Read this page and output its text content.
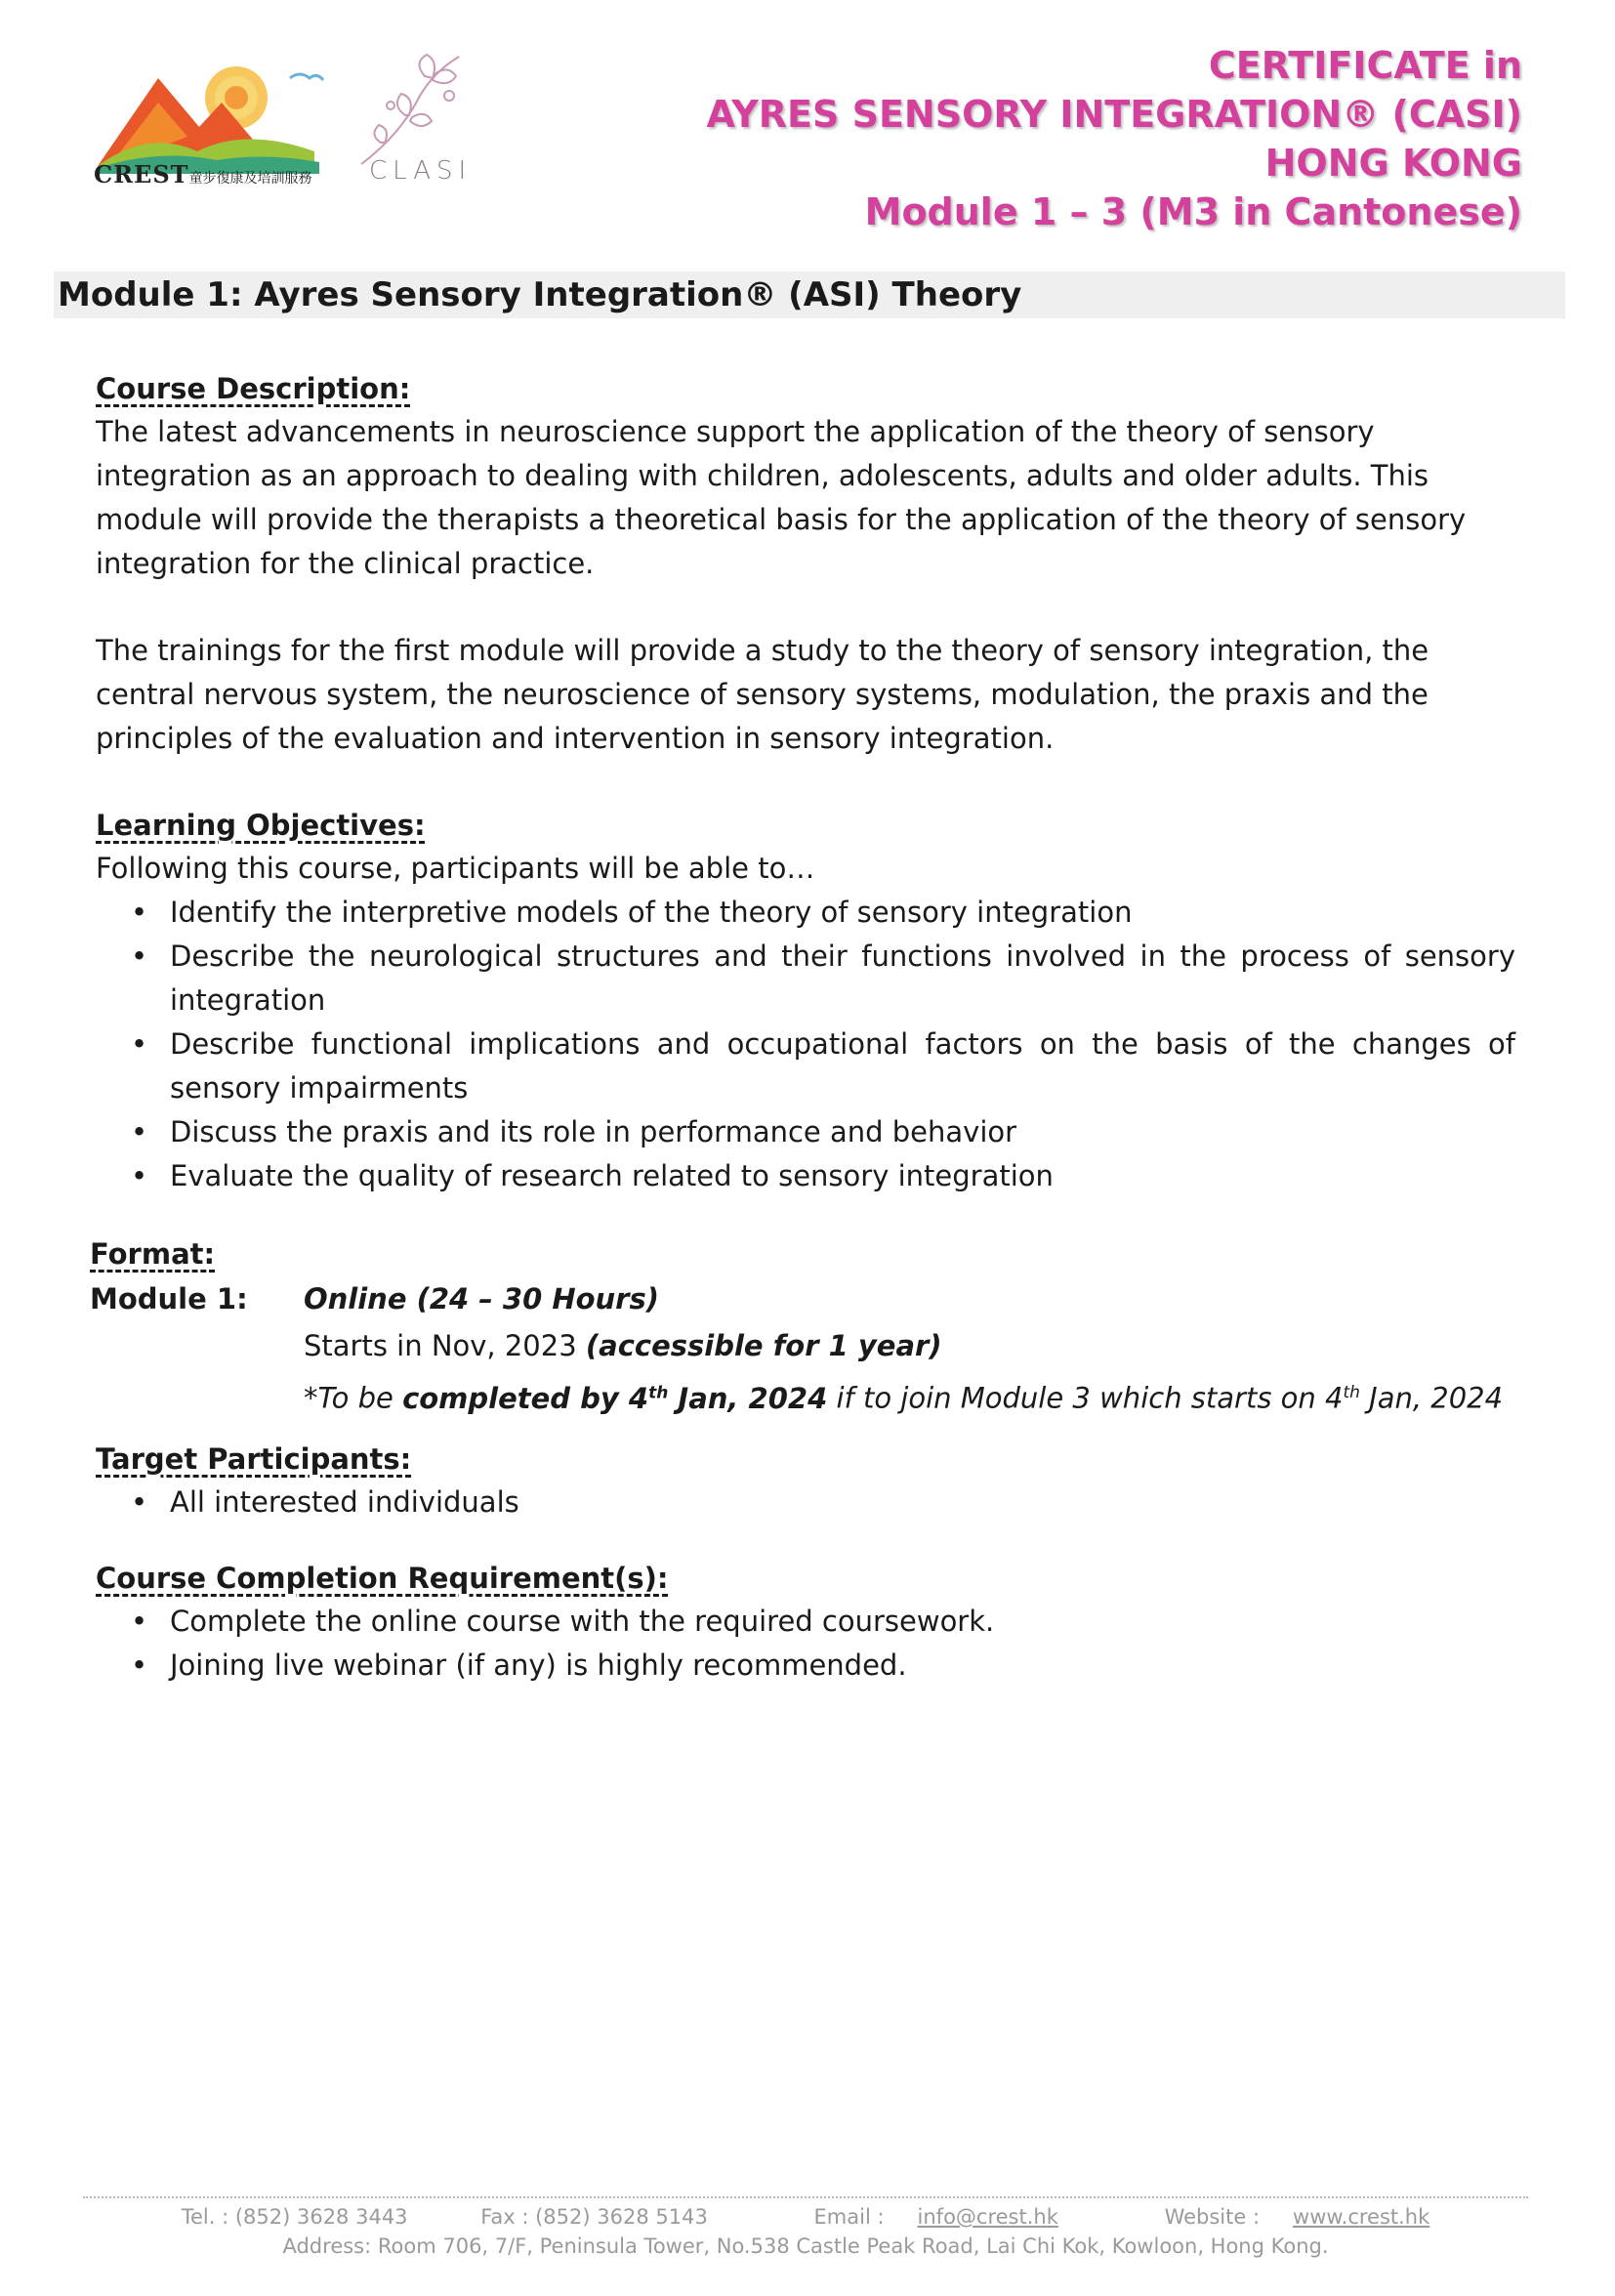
CREST童步復康及培訓服務 CLASI
CERTIFICATE in
AYRES SENSORY INTEGRATION® (CASI)
HONG KONG
Module 1 – 3 (M3 in Cantonese)
Module 1: Ayres Sensory Integration® (ASI) Theory

Course Description:

The latest advancements in neuroscience support the application of the theory of sensory integration as an approach to dealing with children, adolescents, adults and older adults. This module will provide the therapists a theoretical basis for the application of the theory of sensory integration for the clinical practice.

The trainings for the first module will provide a study to the theory of sensory integration, the central nervous system, the neuroscience of sensory systems, modulation, the praxis and the principles of the evaluation and intervention in sensory integration.

Learning Objectives:

Following this course, participants will be able to…

• Identify the interpretive models of the theory of sensory integration
• Describe the neurological structures and their functions involved in the process of sensory integration
• Describe functional implications and occupational factors on the basis of the changes of sensory impairments
• Discuss the praxis and its role in performance and behavior
• Evaluate the quality of research related to sensory integration

Format:

Module 1:	Online (24 – 30 Hours)
Starts in Nov, 2023 (accessible for 1 year)
*To be completed by 4th Jan, 2024 if to join Module 3 which starts on 4th Jan, 2024

Target Participants:

• All interested individuals

Course Completion Requirement(s):

• Complete the online course with the required coursework.
• Joining live webinar (if any) is highly recommended.
Tel. : (852) 3628 3443	Fax : (852) 3628 5143	Email :info@crest.hk	Website :www.crest.hk
Address: Room 706, 7/F, Peninsula Tower, No.538 Castle Peak Road, Lai Chi Kok, Kowloon, Hong Kong.
